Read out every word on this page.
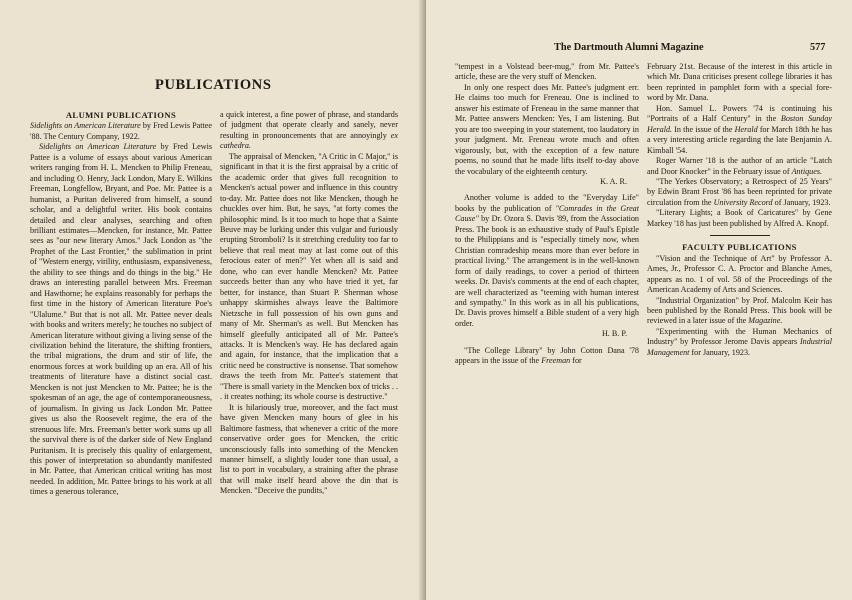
PUBLICATIONS
ALUMNI PUBLICATIONS

Sidelights on American Literature by Fred Lewis Pattee '88. The Century Company, 1922.

Sidelights on American Literature by Fred Lewis Pattee is a volume of essays about various American writers ranging from H. L. Mencken to Philip Freneau, and including O. Henry, Jack London, Mary E. Wilkins Freeman, Longfellow, Bryant, and Poe. Mr. Pattee is a humanist, a Puritan delivered from himself, a sound scholar, and a delightful writer. His book contains detailed and clear analyses, searching and often brilliant estimates—Mencken, for instance, Mr. Pattee sees as "our new literary Amos." Jack London as "the Prophet of the Last Frontier," the sublimation in print of "Western energy, virility, enthusiasm, expansiveness, the ability to see things and do things in the big." He draws an interesting parallel between Mrs. Freeman and Hawthorne; he explains reasonably for perhaps the first time in the history of American literature Poe's "Ulalume." But that is not all. Mr. Pattee never deals with books and writers merely; he touches no subject of American literature without giving a living sense of the civilization behind the literature, the shifting frontiers, the tribal migrations, the drum and stir of life, the enormous forces at work building up an era. All of his treatments of literature have a distinct social cast. Mencken is not just Mencken to Mr. Pattee; he is the spokesman of an age, the age of contemporaneousness, of journalism. In giving us Jack London Mr. Pattee gives us also the Roosevelt regime, the era of the strenuous life. Mrs. Freeman's better work sums up all the survival there is of the darker side of New England Puritanism. It is precisely this quality of enlargement, this power of interpretation so abundantly manifested in Mr. Pattee, that American critical writing has most needed. In addition, Mr. Pattee brings to his work at all times a generous tolerance,

a quick interest, a fine power of phrase, and standards of judgment that operate clearly and sanely, never resulting in pronouncements that are annoyingly ex cathedra.

The appraisal of Mencken, "A Critic in C Major," is significant in that it is the first appraisal by a critic of the academic order that gives full recognition to Mencken's actual power and influence in this country to-day. Mr. Pattee does not like Mencken, though he chuckles over him. But, he says, "at forty comes the philosophic mind. Is it too much to hope that a Sainte Beuve may be lurking under this vulgar and furiously erupting Stromboli? Is it stretching credulity too far to believe that real meat may at last come out of this ferocious eater of men?" Yet when all is said and done, who can ever handle Mencken? Mr. Pattee succeeds better than any who have tried it yet, far better, for instance, than Stuart P. Sherman whose unhappy skirmishes always leave the Baltimore Nietzsche in full possession of his own guns and many of Mr. Sherman's as well. But Mencken has himself gleefully anticipated all of Mr. Pattee's attacks. It is Mencken's way. He has declared again and again, for instance, that the implication that a critic need be constructive is nonsense. That somehow draws the teeth from Mr. Pattee's statement that "There is small variety in the Mencken box of tricks . . . it creates nothing; its whole course is destructive."

It is hilariously true, moreover, and the fact must have given Mencken many hours of glee in his Baltimore fastness, that whenever a critic of the more conservative order goes for Mencken, the critic unconsciously falls into something of the Mencken manner himself, a slightly louder tone than usual, a list to port in vocabulary, a straining after the phrase that will make itself heard above the din that is Mencken. "Deceive the pundits,"

The Dartmouth Alumni Magazine	577

"tempest in a Volstead beer-mug," from Mr. Pattee's article, these are the very stuff of Mencken.

In only one respect does Mr. Pattee's judgment err. He claims too much for Freneau. One is inclined to answer his estimate of Freneau in the same manner that Mr. Pattee answers Mencken: Yes, I am listening. But you are too sweeping in your statement, too laudatory in your judgment. Mr. Freneau wrote much and often vigorously, but, with the exception of a few nature poems, no sound that he made lifts itself to-day above the vocabulary of the eighteenth century.

K. A. R.

Another volume is added to the "Everyday Life" books by the publication of "Comrades in the Great Cause" by Dr. Ozora S. Davis '89, from the Association Press. The book is an exhaustive study of Paul's Epistle to the Philippians and is "especially timely now, when Christian comradeship means more than ever before in practical living." The arrangement is in the well-known form of daily readings, to cover a period of thirteen weeks. Dr. Davis's comments at the end of each chapter, are well characterized as "teeming with human interest and sympathy." In this work as in all his publications, Dr. Davis proves himself a Bible student of a very high order.

H. B. P.

"The College Library" by John Cotton Dana '78 appears in the issue of the Freeman for

February 21st. Because of the interest in this article in which Mr. Dana criticises present college libraries it has been reprinted in pamphlet form with a special fore-word by Mr. Dana.

Hon. Samuel L. Powers '74 is continuing his "Portraits of a Half Century" in the Boston Sunday Herald. In the issue of the Herald for March 18th he has a very interesting article regarding the late Benjamin A. Kimball '54.

Roger Warner '18 is the author of an article "Latch and Door Knocker" in the February issue of Antiques.

"The Yerkes Observatory; a Retrospect of 25 Years" by Edwin Brant Frost '86 has been reprinted for private circulation from the University Record of January, 1923.

"Literary Lights; a Book of Caricatures" by Gene Markey '18 has just been published by Alfred A. Knopf.

FACULTY PUBLICATIONS

"Vision and the Technique of Art" by Professor A. Ames, Jr., Professor C. A. Proctor and Blanche Ames, appears as no. 1 of vol. 58 of the Proceedings of the American Academy of Arts and Sciences.

"Industrial Organization" by Prof. Malcolm Keir has been published by the Ronald Press. This book will be reviewed in a later issue of the Magazine.

"Experimenting with the Human Mechanics of Industry" by Professor Jerome Davis appears Industrial Management for January, 1923.
